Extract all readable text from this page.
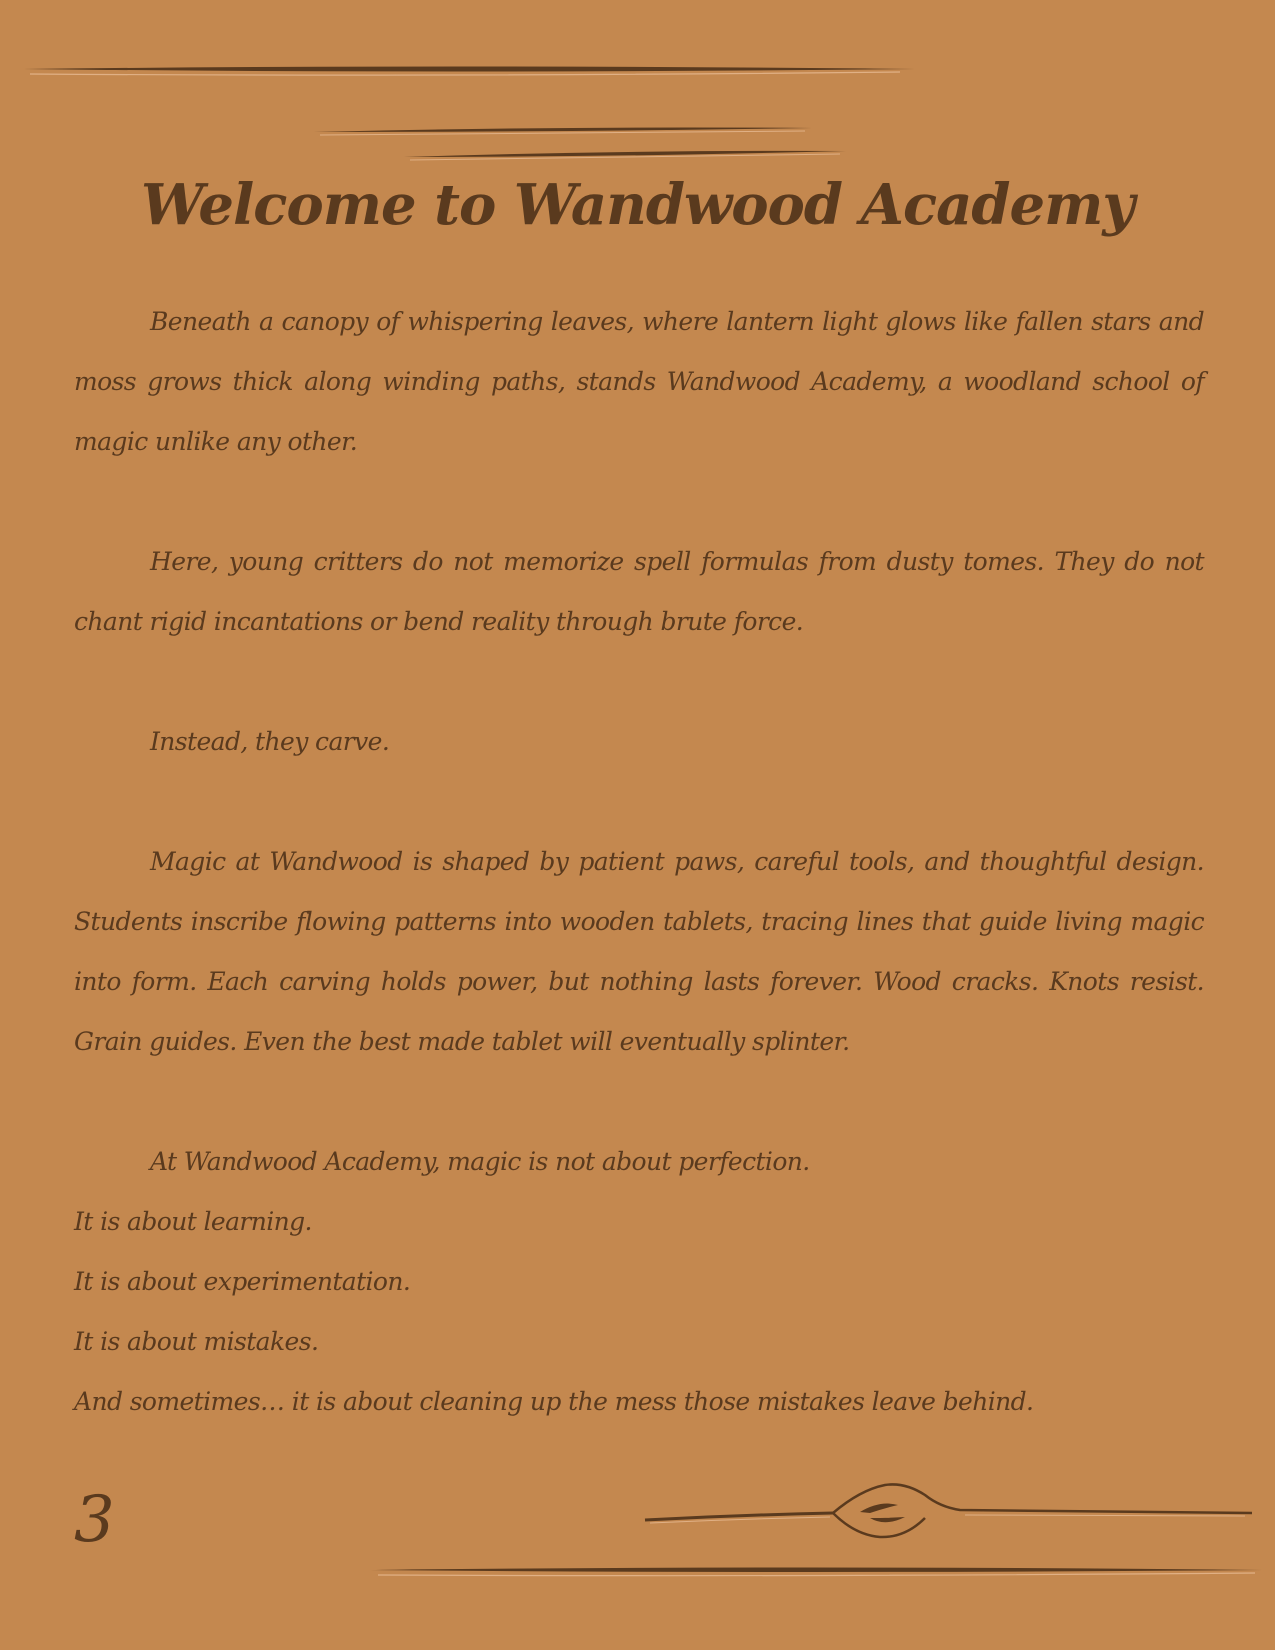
Welcome to Wandwood Academy

Beneath a canopy of whispering leaves, where lantern light glows like fallen stars and moss grows thick along winding paths, stands Wandwood Academy, a woodland school of magic unlike any other.

Here, young critters do not memorize spell formulas from dusty tomes. They do not chant rigid incantations or bend reality through brute force.

Instead, they carve.

Magic at Wandwood is shaped by patient paws, careful tools, and thoughtful design. Students inscribe flowing patterns into wooden tablets, tracing lines that guide living magic into form. Each carving holds power, but nothing lasts forever. Wood cracks. Knots resist. Grain guides. Even the best made tablet will eventually splinter.

At Wandwood Academy, magic is not about perfection.

It is about learning.

It is about experimentation.

It is about mistakes.

And sometimes… it is about cleaning up the mess those mistakes leave behind.

3
